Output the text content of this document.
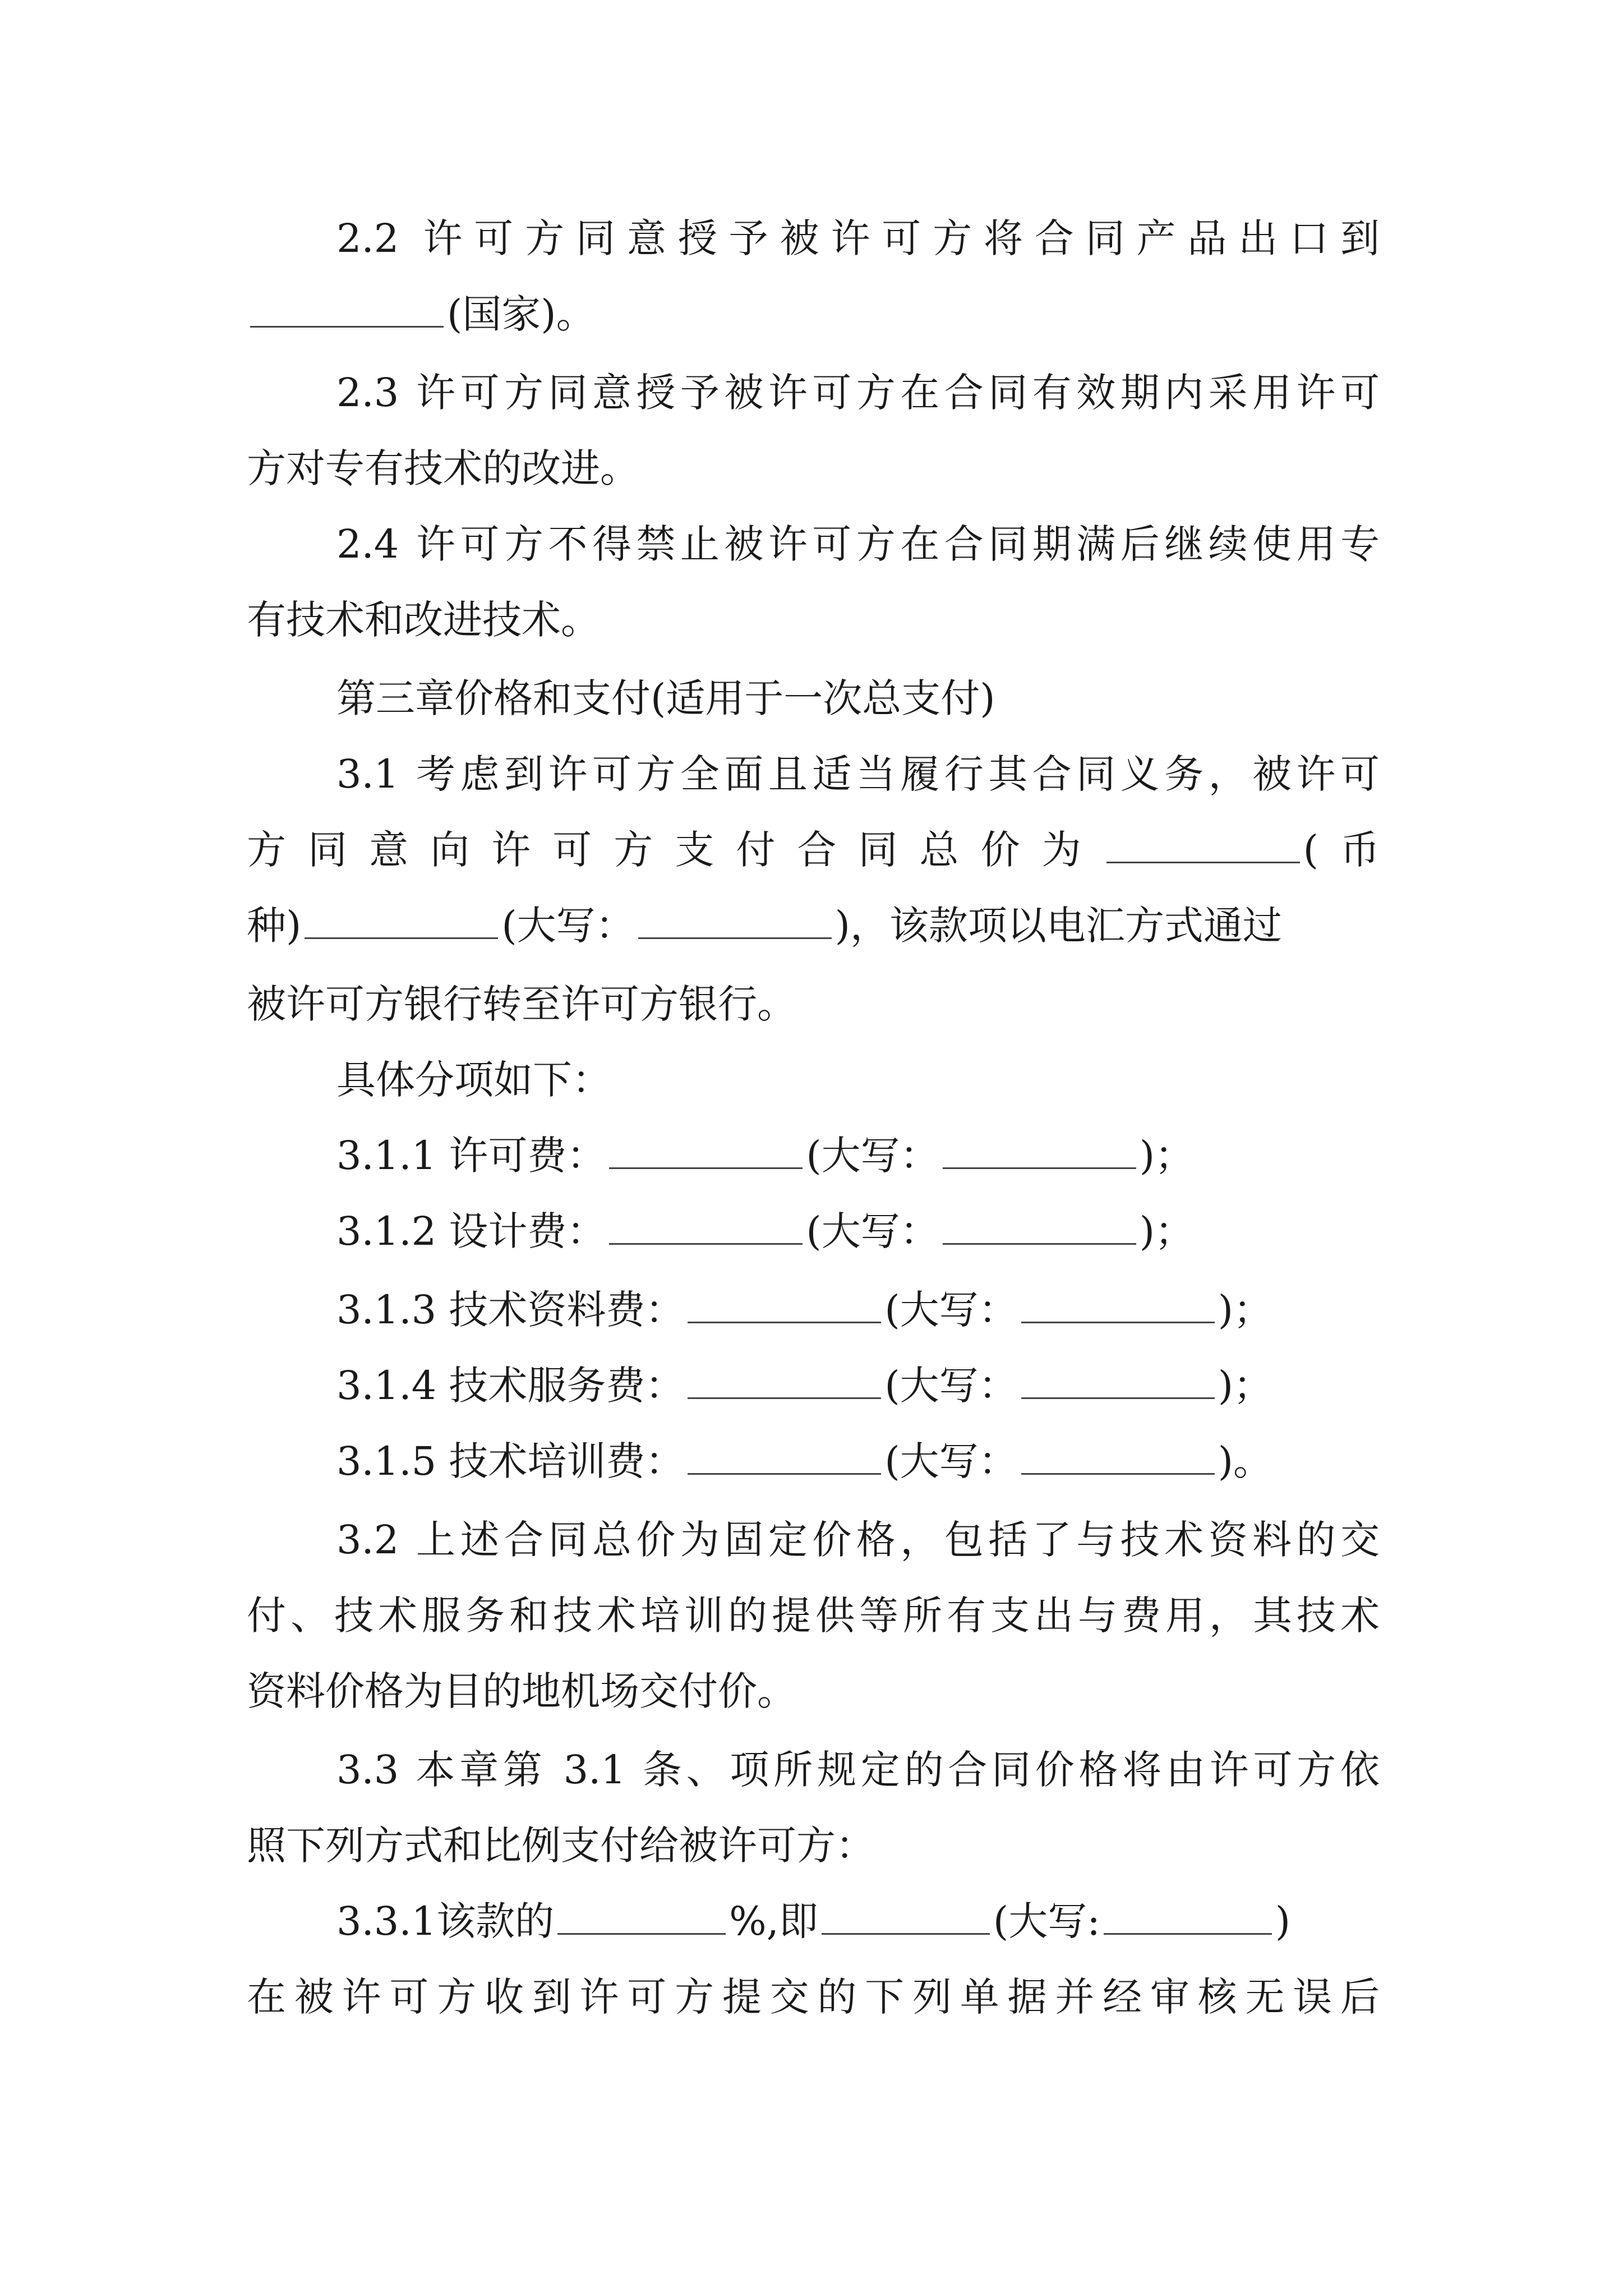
2.2 许可方同意授予被许可方将合同产品出口到
(国家)。
2.3 许可方同意授予被许可方在合同有效期内采用许可
方对专有技术的改进。
2.4 许可方不得禁止被许可方在合同期满后继续使用专
有技术和改进技术。
第三章价格和支付(适用于一次总支付)
3.1 考虑到许可方全面且适当履行其合同义务，被许可
方同意向许可方支付合同总价为	(币
种)	(大写：	)，该款项以电汇方式通过
被许可方银行转至许可方银行。
具体分项如下：
3.1.1 许可费：	(大写：	)；
3.1.2 设计费：	(大写：	)；
3.1.3 技术资料费：	(大写：	)；
3.1.4 技术服务费：	(大写：	)；
3.1.5 技术培训费：	(大写：	)。
3.2 上述合同总价为固定价格，包括了与技术资料的交
付、技术服务和技术培训的提供等所有支出与费用，其技术
资料价格为目的地机场交付价。
3.3 本章第 3.1 条、项所规定的合同价格将由许可方依
照下列方式和比例支付给被许可方：
3.3.1该款的	%,即	(大写:	)
在被许可方收到许可方提交的下列单据并经审核无误后
